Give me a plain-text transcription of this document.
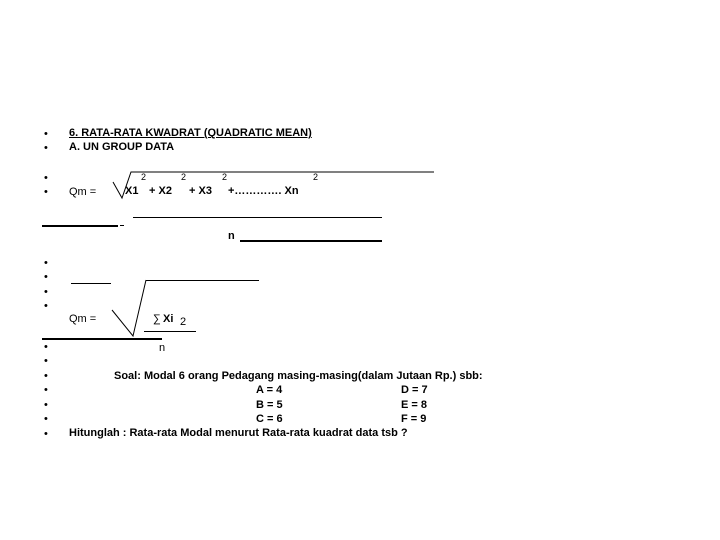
•
•
•
•
•
•
•
•
•
•
•
•
•
•
•
6. RATA-RATA KWADRAT (QUADRATIC MEAN)
A. UN GROUP DATA
Qm =
2	2	2	2
X1 + X2 + X3 +…………. Xn
n
Qm =	∑ Xi 2
n
Soal: Modal 6 orang Pedagang masing-masing(dalam Jutaan Rp.) sbb:
A = 4	D = 7
B = 5	E = 8
C = 6	F = 9
Hitunglah : Rata-rata Modal menurut Rata-rata kuadrat data tsb ?
